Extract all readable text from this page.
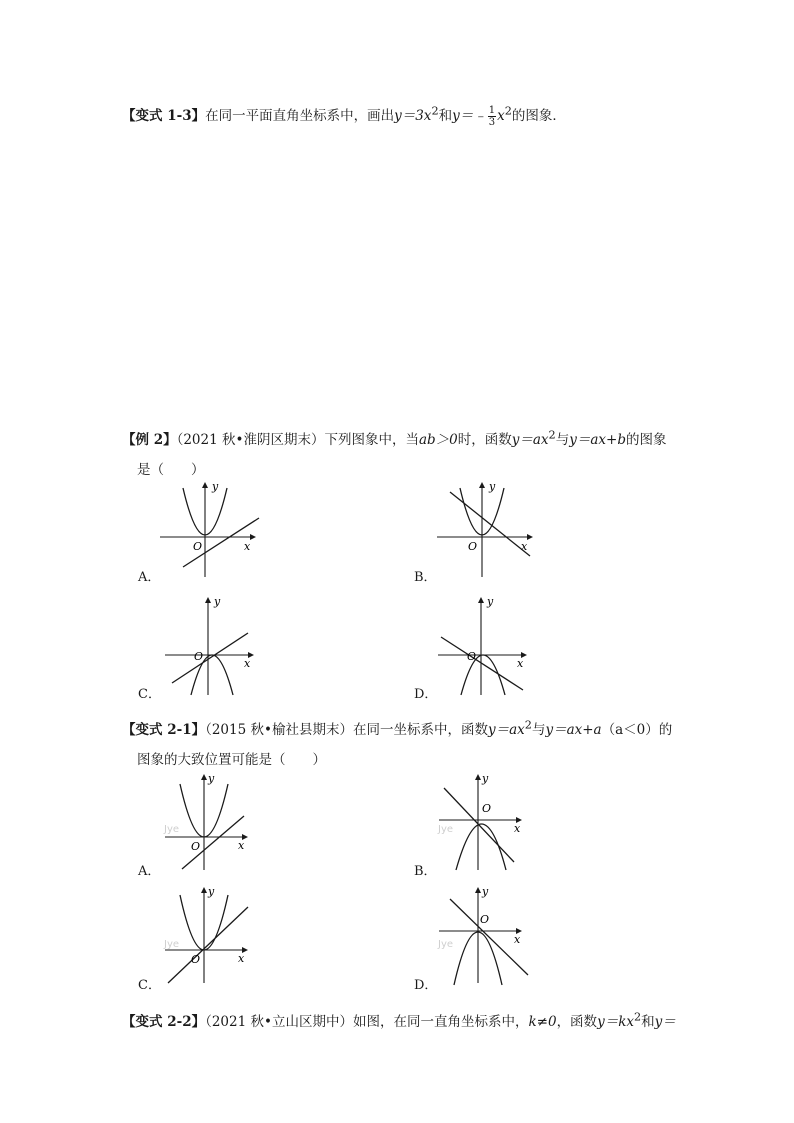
【变式 1-3】在同一平面直角坐标系中，画出$y=3x^2$和y＝﹣ $\frac{1}{3} x^2$的图象．
【例 2】（2021 秋•淮阴区期末）下列图象中，当ab＞0时，函数$y=ax^2$与y＝ax+b的图象
是（　　）
y
x
O
y
x
O
A．	B．
y
x
O
y
x
O
C．	D．
【变式 2-1】（2015 秋•榆社县期末）在同一坐标系中，函数$y=ax^2$与y＝ax+a（a＜0）的
图象的大致位置可能是（　　）
Jye
y
x
O
Jye
y
x
O
A．	B．
Jye
y
x
O
Jye
y
x
O
C．	D．
【变式 2-2】（2021 秋•立山区期中）如图，在同一直角坐标系中，k≠0，函数$y=kx^2$和y＝
